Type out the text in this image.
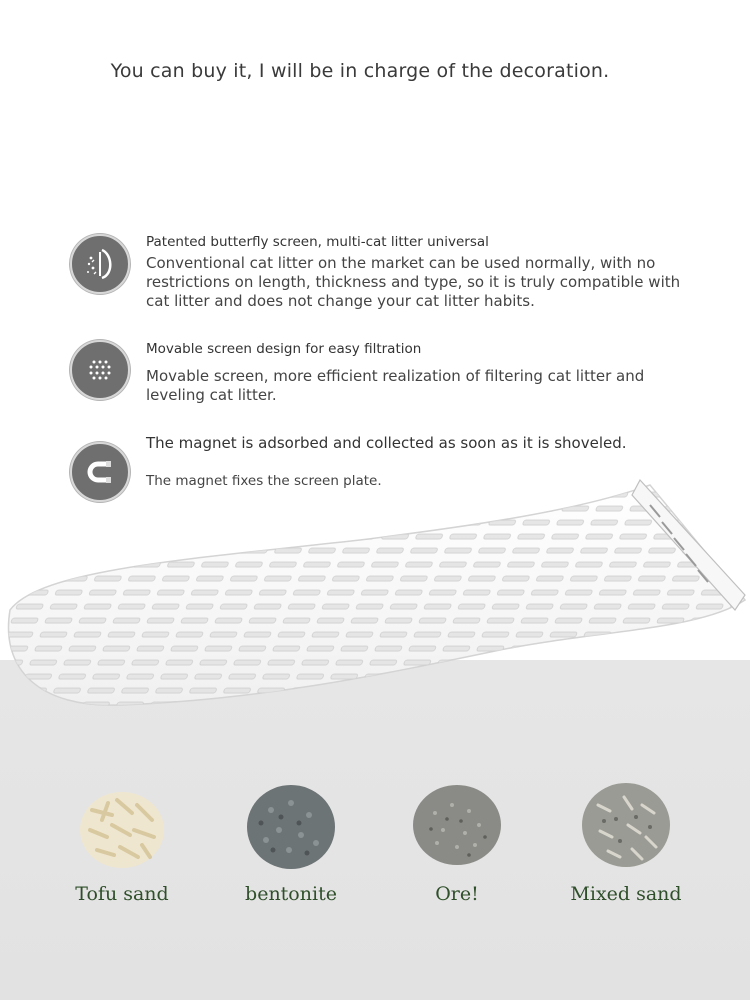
You can buy it, I will be in charge of the decoration.
Patented butterfly screen, multi-cat litter universal
Conventional cat litter on the market can be used normally, with no restrictions on length, thickness and type, so it is truly compatible with cat litter and does not change your cat litter habits.
Movable screen design for easy filtration
Movable screen, more efficient realization of filtering cat litter and leveling cat litter.
The magnet is adsorbed and collected as soon as it is shoveled.
The magnet fixes the screen plate.
Tofu sand	bentonite	Ore!	Mixed sand
